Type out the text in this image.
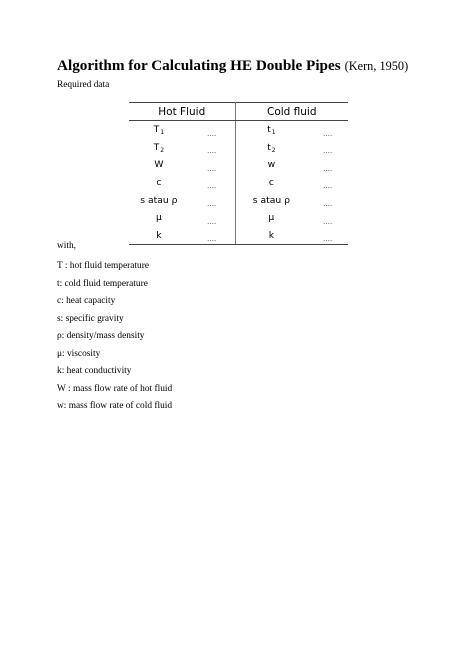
Algorithm for Calculating HE Double Pipes (Kern, 1950)
Required data
Hot Fluid		Cold fluid	
$T_1$	….	$t_1$	….
$T_2$	….	$t_2$	….
W	….	w	….
c	….	c	….
s atau ρ	….	s atau ρ	….
μ	….	μ	….
k	….	k	….
with,
T : hot fluid temperature
t: cold fluid temperature
c: heat capacity
s: specific gravity
ρ: density/mass density
μ: viscosity
k: heat conductivity
W : mass flow rate of hot fluid
w: mass flow rate of cold fluid
